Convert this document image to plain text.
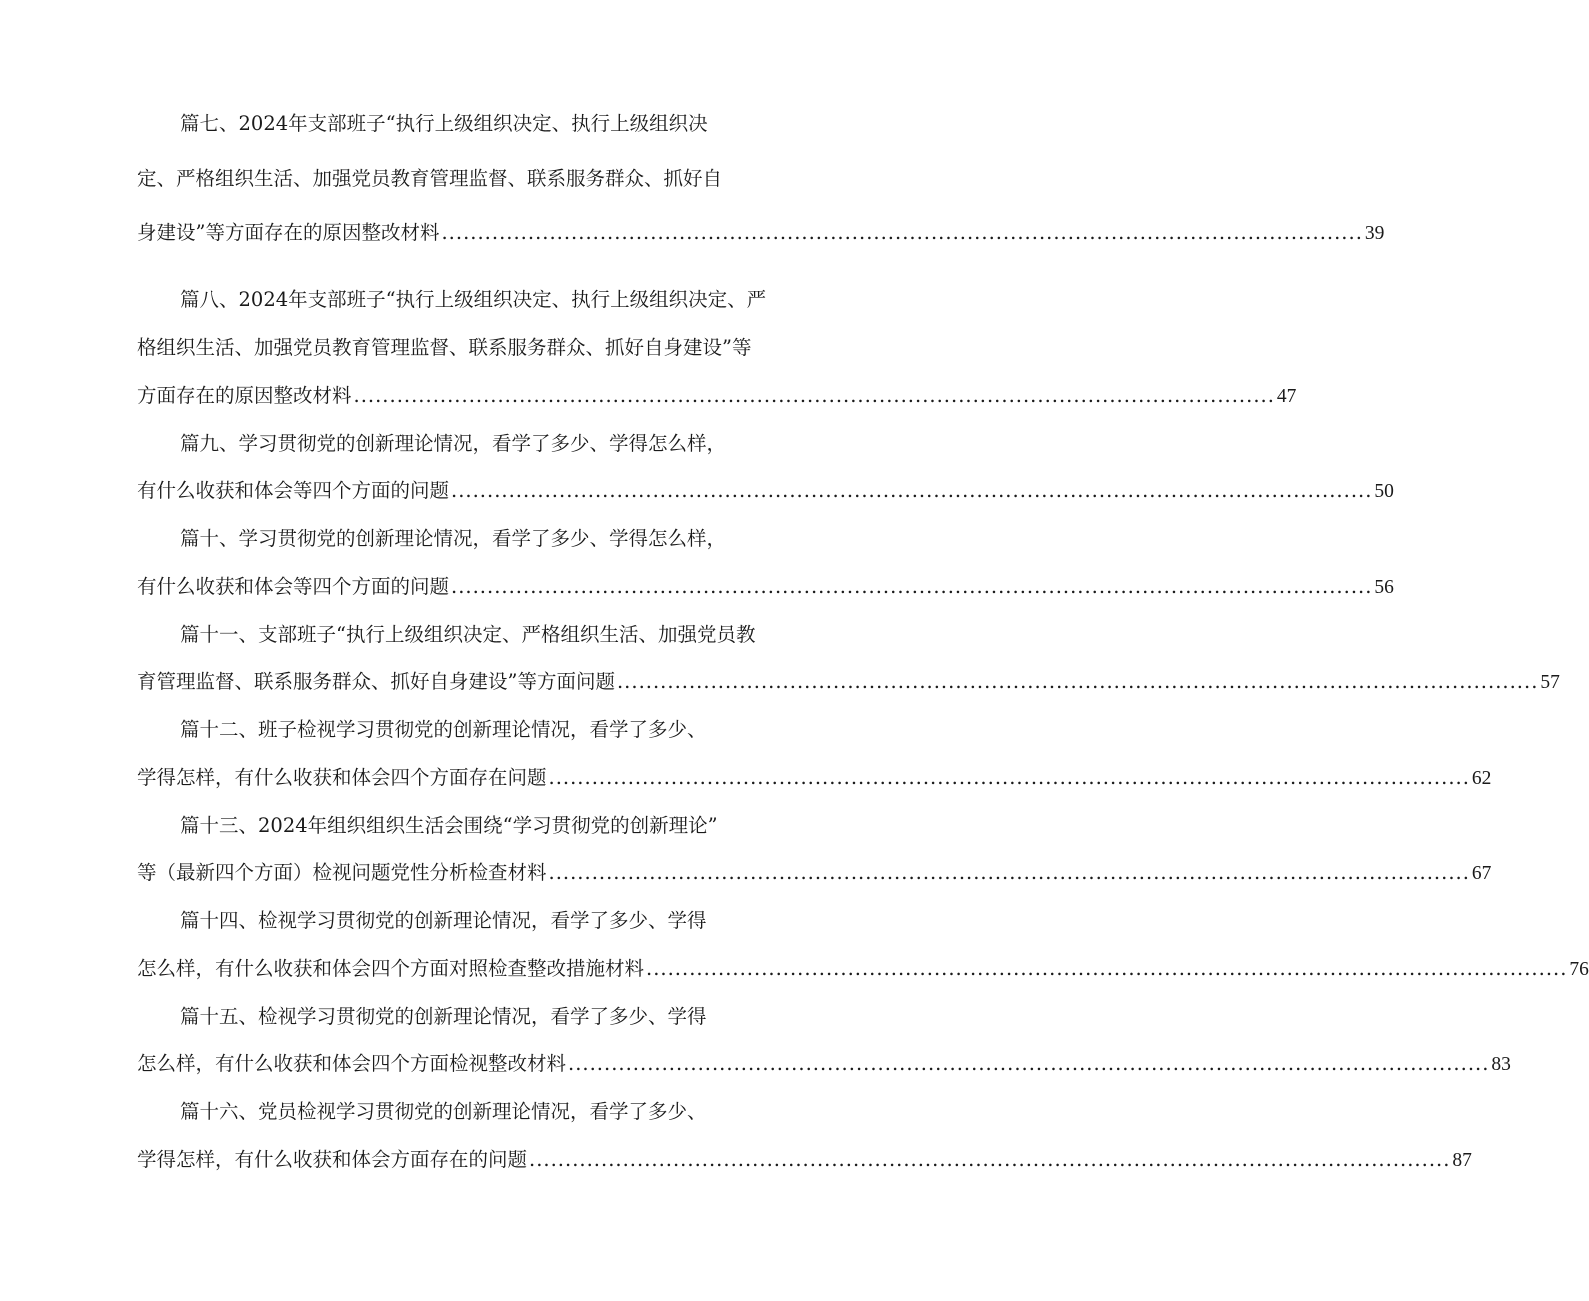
篇七、2024年支部班子“执行上级组织决定、执行上级组织决
定、严格组织生活、加强党员教育管理监督、联系服务群众、抓好自
身建设”等方面存在的原因整改材料 ................................................................................................................................ 39
篇八、2024年支部班子“执行上级组织决定、执行上级组织决定、严
格组织生活、加强党员教育管理监督、联系服务群众、抓好自身建设”等
方面存在的原因整改材料 ................................................................................................................................ 47
篇九、学习贯彻党的创新理论情况，看学了多少、学得怎么样，
有什么收获和体会等四个方面的问题 ................................................................................................................................ 50
篇十、学习贯彻党的创新理论情况，看学了多少、学得怎么样，
有什么收获和体会等四个方面的问题 ................................................................................................................................ 56
篇十一、支部班子“执行上级组织决定、严格组织生活、加强党员教
育管理监督、联系服务群众、抓好自身建设”等方面问题 ................................................................................................................................ 57
篇十二、班子检视学习贯彻党的创新理论情况，看学了多少、
学得怎样，有什么收获和体会四个方面存在问题 ................................................................................................................................ 62
篇十三、2024年组织组织生活会围绕“学习贯彻党的创新理论”
等（最新四个方面）检视问题党性分析检查材料 ................................................................................................................................ 67
篇十四、检视学习贯彻党的创新理论情况，看学了多少、学得
怎么样，有什么收获和体会四个方面对照检查整改措施材料 ................................................................................................................................ 76
篇十五、检视学习贯彻党的创新理论情况，看学了多少、学得
怎么样，有什么收获和体会四个方面检视整改材料 ................................................................................................................................ 83
篇十六、党员检视学习贯彻党的创新理论情况，看学了多少、
学得怎样，有什么收获和体会方面存在的问题 ................................................................................................................................ 87
